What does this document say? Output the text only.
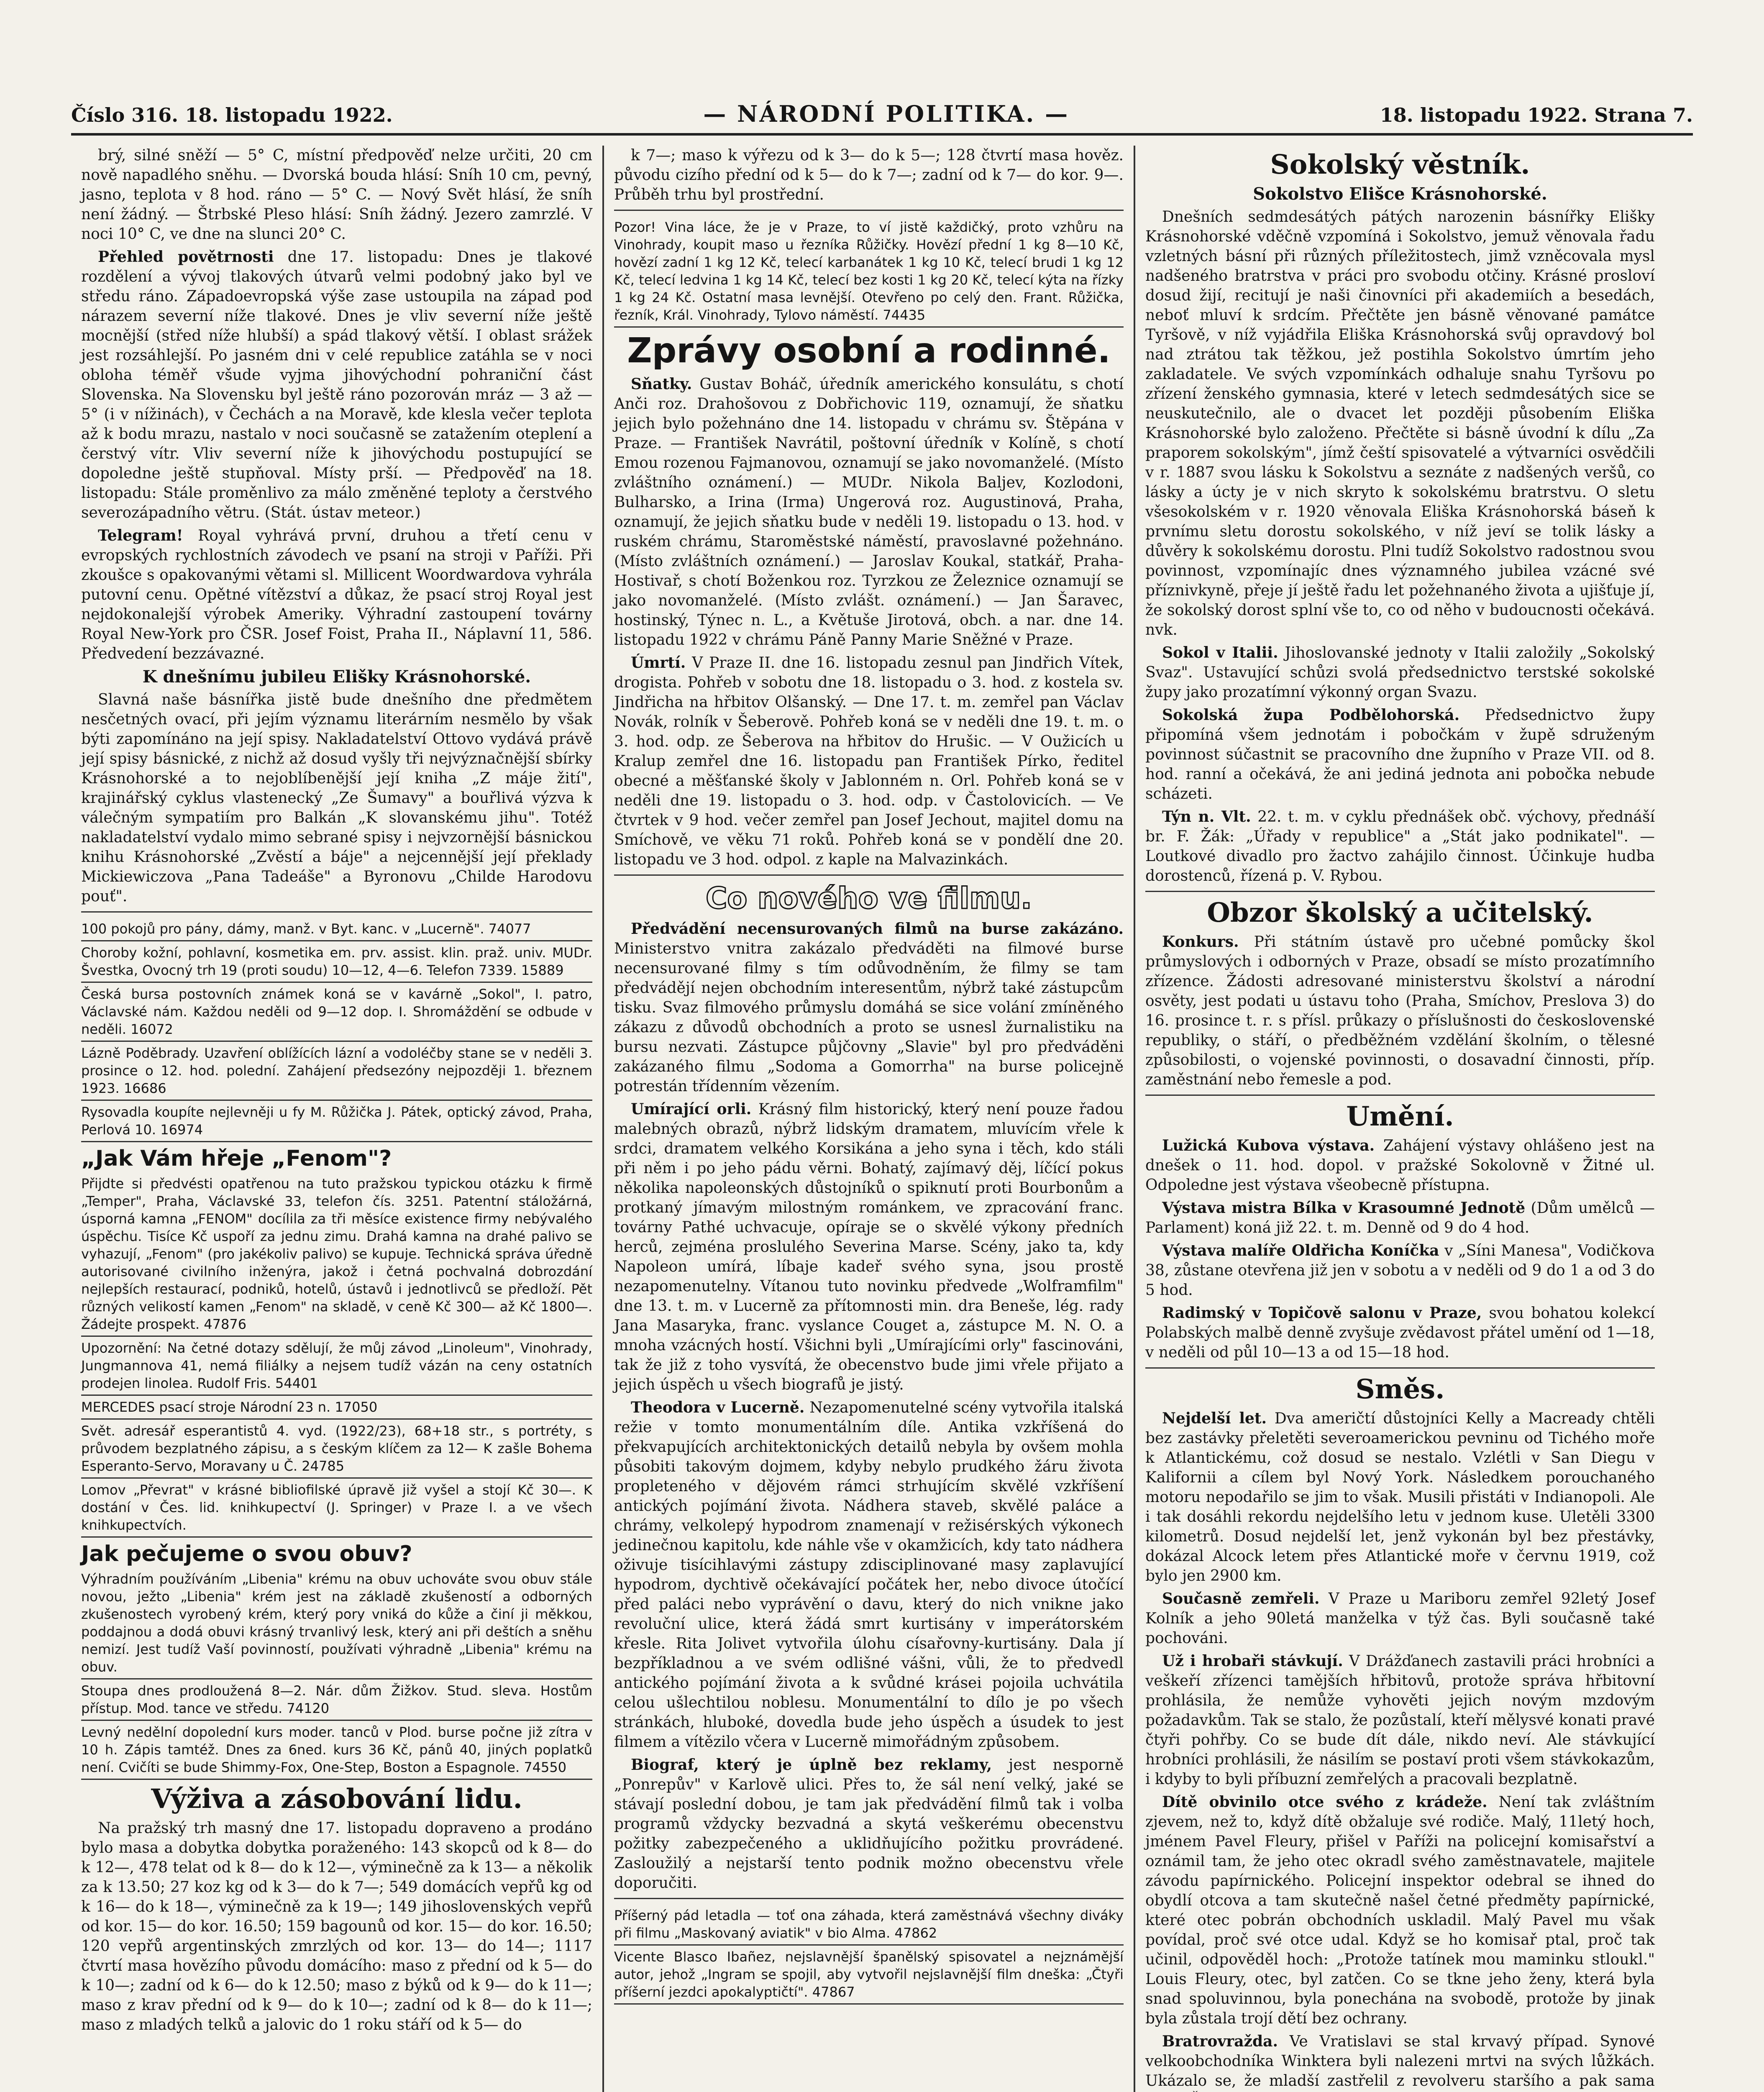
Číslo 316. 18. listopadu 1922.	— NÁRODNÍ POLITIKA. —	18. listopadu 1922. Strana 7.

brý, silné sněží — 5° C, místní předpověď nelze určiti, 20 cm nově napadlého sněhu. — Dvorská bouda hlásí: Sníh 10 cm, pevný, jasno, teplota v 8 hod. ráno — 5° C. — Nový Svět hlásí, že sníh není žádný. — Štrbské Pleso hlásí: Sníh žádný. Jezero zamrzlé. V noci 10° C, ve dne na slunci 20° C.

Přehled povětrnosti dne 17. listopadu: Dnes je tlakové rozdělení a vývoj tlakových útvarů velmi podobný jako byl ve středu ráno. Západoevropská výše zase ustoupila na západ pod nárazem severní níže tlakové. Dnes je vliv severní níže ještě mocnější (střed níže hlubší) a spád tlakový větší. I oblast srážek jest rozsáhlejší. Po jasném dni v celé republice zatáhla se v noci obloha téměř všude vyjma jihovýchodní pohraniční část Slovenska. Na Slovensku byl ještě ráno pozorován mráz — 3 až — 5° (i v nížinách), v Čechách a na Moravě, kde klesla večer teplota až k bodu mrazu, nastalo v noci současně se zatažením oteplení a čerstvý vítr. Vliv severní níže k jihovýchodu postupující se dopoledne ještě stupňoval. Místy prší. — Předpověď na 18. listopadu: Stále proměnlivo za málo změněné teploty a čerstvého severozápadního větru. (Stát. ústav meteor.)

Telegram! Royal vyhrává první, druhou a třetí cenu v evropských rychlostních závodech ve psaní na stroji v Paříži. Při zkoušce s opakovanými větami sl. Millicent Woordwardova vyhrála putovní cenu. Opětné vítězství a důkaz, že psací stroj Royal jest nejdokonalejší výrobek Ameriky. Výhradní zastoupení továrny Royal New-York pro ČSR. Josef Foist, Praha II., Náplavní 11, 586. Předvedení bezzávazné.

K dnešnímu jubileu Elišky Krásnohorské.

Slavná naše básnířka jistě bude dnešního dne předmětem nesčetných ovací, při jejím významu literárním nesmělo by však býti zapomínáno na její spisy. Nakladatelství Ottovo vydává právě její spisy básnické, z nichž až dosud vyšly tři nejvýznačnější sbírky Krásnohorské a to nejoblíbenější její kniha „Z máje žití", krajinářský cyklus vlastenecký „Ze Šumavy" a bouřlivá výzva k válečným sympatiím pro Balkán „K slovanskému jihu". Totéž nakladatelství vydalo mimo sebrané spisy i nejvzornější básnickou knihu Krásnohorské „Zvěstí a báje" a nejcennější její překlady Mickiewiczova „Pana Tadeáše" a Byronovu „Childe Harodovu pouť".

100 pokojů pro pány, dámy, manž. v Byt. kanc. v „Lucerně". 74077

Choroby kožní, pohlavní, kosmetika em. prv. assist. klin. praž. univ. MUDr. Švestka, Ovocný trh 19 (proti soudu) 10—12, 4—6. Telefon 7339. 15889

Česká bursa postovních známek koná se v kavárně „Sokol", I. patro, Václavské nám. Každou neděli od 9—12 dop. I. Shromáždění se odbude v neděli. 16072

Lázně Poděbrady. Uzavření oblížících lázní a vodoléčby stane se v neděli 3. prosince o 12. hod. polední. Zahájení předsezóny nejpozději 1. březnem 1923. 16686

Rysovadla koupíte nejlevněji u fy M. Růžička J. Pátek, optický závod, Praha, Perlová 10. 16974

„Jak Vám hřeje „Fenom"?

Přijdte si předvésti opatřenou na tuto pražskou typickou otázku k firmě „Temper", Praha, Václavské 33, telefon čís. 3251. Patentní stáložárná, úsporná kamna „FENOM" docílila za tři měsíce existence firmy nebývalého úspěchu. Tisíce Kč uspoří za jednu zimu. Drahá kamna na drahé palivo se vyhazují, „Fenom" (pro jakékoliv palivo) se kupuje. Technická správa úředně autorisované civilního inženýra, jakož i četná pochvalná dobrozdání nejlepších restaurací, podniků, hotelů, ústavů i jednotlivců se předloží. Pět různých velikostí kamen „Fenom" na skladě, v ceně Kč 300— až Kč 1800—. Žádejte prospekt. 47876

Upozornění: Na četné dotazy sdělují, že můj závod „Linoleum", Vinohrady, Jungmannova 41, nemá filiálky a nejsem tudíž vázán na ceny ostatních prodejen linolea. Rudolf Fris. 54401

MERCEDES psací stroje Národní 23 n. 17050

Svět. adresář esperantistů 4. vyd. (1922/23), 68+18 str., s portréty, s průvodem bezplatného zápisu, a s českým klíčem za 12— K zašle Bohema Esperanto-Servo, Moravany u Č. 24785

Lomov „Převrat" v krásné bibliofilské úpravě již vyšel a stojí Kč 30—. K dostání v Čes. lid. knihkupectví (J. Springer) v Praze I. a ve všech knihkupectvích.

Jak pečujeme o svou obuv?

Výhradním používáním „Libenia" krému na obuv uchováte svou obuv stále novou, ježto „Libenia" krém jest na základě zkušeností a odborných zkušenostech vyrobený krém, který pory vniká do kůže a činí ji měkkou, poddajnou a dodá obuvi krásný trvanlivý lesk, který ani při deštích a sněhu nemizí. Jest tudíž Vaší povinností, používati výhradně „Libenia" krému na obuv.

Stoupa dnes prodloužená 8—2. Nár. dům Žižkov. Stud. sleva. Hostům přístup. Mod. tance ve středu. 74120

Levný nedělní dopolední kurs moder. tanců v Plod. burse počne již zítra v 10 h. Zápis tamtéž. Dnes za 6ned. kurs 36 Kč, pánů 40, jiných poplatků není. Cvičíti se bude Shimmy-Fox, One-Step, Boston a Espagnole. 74550

Výživa a zásobování lidu.

Na pražský trh masný dne 17. listopadu dopraveno a prodáno bylo masa a dobytka dobytka poraženého: 143 skopců od k 8— do k 12—, 478 telat od k 8— do k 12—, výminečně za k 13— a několik za k 13.50; 27 koz kg od k 3— do k 7—; 549 domácích vepřů kg od k 16— do k 18—, výminečně za k 19—; 149 jihoslovenských vepřů od kor. 15— do kor. 16.50; 159 bagounů od kor. 15— do kor. 16.50; 120 vepřů argentinských zmrzlých od kor. 13— do 14—; 1117 čtvrtí masa hovězího původu domácího: maso z přední od k 5— do k 10—; zadní od k 6— do k 12.50; maso z býků od k 9— do k 11—; maso z krav přední od k 9— do k 10—; zadní od k 8— do k 11—; maso z mladých telků a jalovic do 1 roku stáří od k 5— do

k 7—; maso k výřezu od k 3— do k 5—; 128 čtvrtí masa hověz. původu cizího přední od k 5— do k 7—; zadní od k 7— do kor. 9—. Průběh trhu byl prostřední.

Pozor! Vina láce, že je v Praze, to ví jistě každičký, proto vzhůru na Vinohrady, koupit maso u řezníka Růžičky. Hovězí přední 1 kg 8—10 Kč, hovězí zadní 1 kg 12 Kč, telecí karbanátek 1 kg 10 Kč, telecí brudi 1 kg 12 Kč, telecí ledvina 1 kg 14 Kč, telecí bez kosti 1 kg 20 Kč, telecí kýta na řízky 1 kg 24 Kč. Ostatní masa levnější. Otevřeno po celý den. Frant. Růžička, řezník, Král. Vinohrady, Tylovo náměstí. 74435

Zprávy osobní a rodinné.

Sňatky. Gustav Boháč, úředník amerického konsulátu, s chotí Anči roz. Drahošovou z Dobřichovic 119, oznamují, že sňatku jejich bylo požehnáno dne 14. listopadu v chrámu sv. Štěpána v Praze. — František Navrátil, poštovní úředník v Kolíně, s chotí Emou rozenou Fajmanovou, oznamují se jako novomanželé. (Místo zvláštního oznámení.) — MUDr. Nikola Baljev, Kozlodoni, Bulharsko, a Irina (Irma) Ungerová roz. Augustinová, Praha, oznamují, že jejich sňatku bude v neděli 19. listopadu o 13. hod. v ruském chrámu, Staroměstské náměstí, pravoslavné požehnáno. (Místo zvláštních oznámení.) — Jaroslav Koukal, statkář, Praha-Hostivař, s chotí Boženkou roz. Tyrzkou ze Železnice oznamují se jako novomanželé. (Místo zvlášt. oznámení.) — Jan Šaravec, hostinský, Týnec n. L., a Květuše Jirotová, obch. a nar. dne 14. listopadu 1922 v chrámu Páně Panny Marie Sněžné v Praze.

Úmrtí. V Praze II. dne 16. listopadu zesnul pan Jindřich Vítek, drogista. Pohřeb v sobotu dne 18. listopadu o 3. hod. z kostela sv. Jindřicha na hřbitov Olšanský. — Dne 17. t. m. zemřel pan Václav Novák, rolník v Šeberově. Pohřeb koná se v neděli dne 19. t. m. o 3. hod. odp. ze Šeberova na hřbitov do Hrušic. — V Oužicích u Kralup zemřel dne 16. listopadu pan František Pírko, ředitel obecné a měšťanské školy v Jablonném n. Orl. Pohřeb koná se v neděli dne 19. listopadu o 3. hod. odp. v Častolovicích. — Ve čtvrtek v 9 hod. večer zemřel pan Josef Jechout, majitel domu na Smíchově, ve věku 71 roků. Pohřeb koná se v pondělí dne 20. listopadu ve 3 hod. odpol. z kaple na Malvazinkách.

Co nového ve filmu.

Předvádění necensurovaných filmů na burse zakázáno. Ministerstvo vnitra zakázalo předváděti na filmové burse necensurované filmy s tím odůvodněním, že filmy se tam předvádějí nejen obchodním interesentům, nýbrž také zástupcům tisku. Svaz filmového průmyslu domáhá se sice volání zmíněného zákazu z důvodů obchodních a proto se usnesl žurnalistiku na bursu nezvati. Zástupce půjčovny „Slavie" byl pro předváděni zakázaného filmu „Sodoma a Gomorrha" na burse policejně potrestán třídenním vězením.

Umírající orli. Krásný film historický, který není pouze řadou malebných obrazů, nýbrž lidským dramatem, mluvícím vřele k srdci, dramatem velkého Korsikána a jeho syna i těch, kdo stáli při něm i po jeho pádu věrni. Bohatý, zajímavý děj, líčící pokus několika napoleonských důstojníků o spiknutí proti Bourbonům a protkaný jímavým milostným románkem, ve zpracování franc. továrny Pathé uchvacuje, opíraje se o skvělé výkony předních herců, zejména proslulého Severina Marse. Scény, jako ta, kdy Napoleon umírá, líbaje kadeř svého syna, jsou prostě nezapomenutelny. Vítanou tuto novinku předvede „Wolframfilm" dne 13. t. m. v Lucerně za přítomnosti min. dra Beneše, lég. rady Jana Masaryka, franc. vyslance Couget a, zástupce M. N. O. a mnoha vzácných hostí. Všichni byli „Umírajícími orly" fascinováni, tak že již z toho vysvítá, že obecenstvo bude jimi vřele přijato a jejich úspěch u všech biografů je jistý.

Theodora v Lucerně. Nezapomenutelné scény vytvořila italská režie v tomto monumentálním díle. Antika vzkříšená do překvapujících architektonických detailů nebyla by ovšem mohla působiti takovým dojmem, kdyby nebylo prudkého žáru života propleteného v dějovém rámci strhujícím skvělé vzkříšení antických pojímání života. Nádhera staveb, skvělé paláce a chrámy, velkolepý hypodrom znamenají v režisérských výkonech jedinečnou kapitolu, kde náhle vše v okamžicích, kdy tato nádhera oživuje tisícihlavými zástupy zdisciplinované masy zaplavující hypodrom, dychtivě očekávající počátek her, nebo divoce útočící před paláci nebo vyprávění o davu, který do nich vnikne jako revoluční ulice, která žádá smrt kurtisány v imperátorském křesle. Rita Jolivet vytvořila úlohu císařovny-kurtisány. Dala jí bezpříkladnou a ve svém odlišné vášni, vůli, že to předvedl antického pojímání života a k svůdné krásei pojoila uchvátila celou ušlechtilou noblesu. Monumentální to dílo je po všech stránkách, hluboké, dovedla bude jeho úspěch a úsudek to jest filmem a vítězilo včera v Lucerně mimořádným způsobem.

Biograf, který je úplně bez reklamy, jest nesporně „Ponrepův" v Karlově ulici. Přes to, že sál není velký, jaké se stávají poslední dobou, je tam jak předvádění filmů tak i volba programů vždycky bezvadná a skytá veškerému obecenstvu požitky zabezpečeného a uklidňujícího požitku provrádené. Zasloužilý a nejstarší tento podnik možno obecenstvu vřele doporučiti.

Příšerný pád letadla — toť ona záhada, která zaměstnává všechny diváky při filmu „Maskovaný aviatik" v bio Alma. 47862

Vicente Blasco Ibañez, nejslavnější španělský spisovatel a nejznámější autor, jehož „Ingram se spojil, aby vytvořil nejslavnější film dneška: „Čtyři příšerní jezdci apokalyptičtí". 47867

Sokolský věstník.
Sokolstvo Elišce Krásnohorské.

Dnešních sedmdesátých pátých narozenin básnířky Elišky Krásnohorské vděčně vzpomíná i Sokolstvo, jemuž věnovala řadu vzletných básní při různých příležitostech, jimž vzněcovala mysl nadšeného bratrstva v práci pro svobodu otčiny. Krásné prosloví dosud žijí, recitují je naši činovníci při akademiích a besedách, neboť mluví k srdcím. Přečtěte jen básně věnované památce Tyršově, v níž vyjádřila Eliška Krásnohorská svůj opravdový bol nad ztrátou tak těžkou, jež postihla Sokolstvo úmrtím jeho zakladatele. Ve svých vzpomínkách odhaluje snahu Tyršovu po zřízení ženského gymnasia, které v letech sedmdesátých sice se neuskutečnilo, ale o dvacet let později působením Eliška Krásnohorské bylo založeno. Přečtěte si básně úvodní k dílu „Za praporem sokolským", jímž čeští spisovatelé a výtvarníci osvědčili v r. 1887 svou lásku k Sokolstvu a seznáte z nadšených veršů, co lásky a úcty je v nich skryto k sokolskému bratrstvu. O sletu všesokolském v r. 1920 věnovala Eliška Krásnohorská báseň k prvnímu sletu dorostu sokolského, v níž jeví se tolik lásky a důvěry k sokolskému dorostu. Plni tudíž Sokolstvo radostnou svou povinnost, vzpomínajíc dnes významného jubilea vzácné své příznivkyně, přeje jí ještě řadu let požehnaného života a ujišťuje jí, že sokolský dorost splní vše to, co od něho v budoucnosti očekává. nvk.

Sokol v Italii. Jihoslovanské jednoty v Italii založily „Sokolský Svaz". Ustavující schůzi svolá předsednictvo terstské sokolské župy jako prozatímní výkonný organ Svazu.

Sokolská župa Podbělohorská. Předsednictvo župy připomíná všem jednotám i pobočkám v župě sdruženým povinnost súčastnit se pracovního dne župního v Praze VII. od 8. hod. ranní a očekává, že ani jediná jednota ani pobočka nebude scházeti.

Týn n. Vlt. 22. t. m. v cyklu přednášek obč. výchovy, přednáší br. F. Žák: „Úřady v republice" a „Stát jako podnikatel". — Loutkové divadlo pro žactvo zahájilo činnost. Účinkuje hudba dorostenců, řízená p. V. Rybou.

Obzor školský a učitelský.

Konkurs. Při státním ústavě pro učebné pomůcky škol průmyslových i odborných v Praze, obsadí se místo prozatímního zřízence. Žádosti adresované ministerstvu školství a národní osvěty, jest podati u ústavu toho (Praha, Smíchov, Preslova 3) do 16. prosince t. r. s přísl. průkazy o příslušnosti do československé republiky, o stáří, o předběžném vzdělání školním, o tělesné způsobilosti, o vojenské povinnosti, o dosavadní činnosti, příp. zaměstnání nebo řemesle a pod.

Umění.

Lužická Kubova výstava. Zahájení výstavy ohlášeno jest na dnešek o 11. hod. dopol. v pražské Sokolovně v Žitné ul. Odpoledne jest výstava všeobecně přístupna.

Výstava mistra Bílka v Krasoumné Jednotě (Dům umělců — Parlament) koná již 22. t. m. Denně od 9 do 4 hod.

Výstava malíře Oldřicha Koníčka v „Síni Manesa", Vodičkova 38, zůstane otevřena již jen v sobotu a v neděli od 9 do 1 a od 3 do 5 hod.

Radimský v Topičově salonu v Praze, svou bohatou kolekcí Polabských malbě denně zvyšuje zvědavost přátel umění od 1—18, v neděli od půl 10—13 a od 15—18 hod.

Směs.

Nejdelší let. Dva američtí důstojníci Kelly a Macready chtěli bez zastávky přeletěti severoamerickou pevninu od Tichého moře k Atlantickému, což dosud se nestalo. Vzlétli v San Diegu v Kalifornii a cílem byl Nový York. Následkem porouchaného motoru nepodařilo se jim to však. Musili přistáti v Indianopoli. Ale i tak dosáhli rekordu nejdelšího letu v jednom kuse. Uletěli 3300 kilometrů. Dosud nejdelší let, jenž vykonán byl bez přestávky, dokázal Alcock letem přes Atlantické moře v červnu 1919, což bylo jen 2900 km.

Současně zemřeli. V Praze u Mariboru zemřel 92letý Josef Kolník a jeho 90letá manželka v týž čas. Byli současně také pochováni.

Už i hrobaři stávkují. V Drážďanech zastavili práci hrobníci a veškeří zřízenci tamějších hřbitovů, protože správa hřbitovní prohlásila, že nemůže vyhověti jejich novým mzdovým požadavkům. Tak se stalo, že pozůstalí, kteří mělysvé konati pravé čtyři pohřby. Co se bude dít dále, nikdo neví. Ale stávkující hrobníci prohlásili, že násilím se postaví proti všem stávkokazům, i kdyby to byli příbuzní zemřelých a pracovali bezplatně.

Dítě obvinilo otce svého z krádeže. Není tak zvláštním zjevem, než to, když dítě obžaluje své rodiče. Malý, 11letý hoch, jménem Pavel Fleury, přišel v Paříži na policejní komisařství a oznámil tam, že jeho otec okradl svého zaměstnavatele, majitele závodu papírnického. Policejní inspektor odebral se ihned do obydlí otcova a tam skutečně našel četné předměty papírnické, které otec pobrán obchodních uskladil. Malý Pavel mu však povídal, proč své otce udal. Když se ho komisař ptal, proč tak učinil, odpověděl hoch: „Protože tatínek mou maminku stloukl." Louis Fleury, otec, byl zatčen. Co se tkne jeho ženy, která byla snad spoluvinnou, byla ponechána na svobodě, protože by jinak byla zůstala trojí dětí bez ochrany.

Bratrovražda. Ve Vratislavi se stal krvavý případ. Synové velkoobchodníka Winktera byli nalezeni mrtvi na svých lůžkách. Ukázalo se, že mladší zastřelil z revolveru staršího a pak sama
